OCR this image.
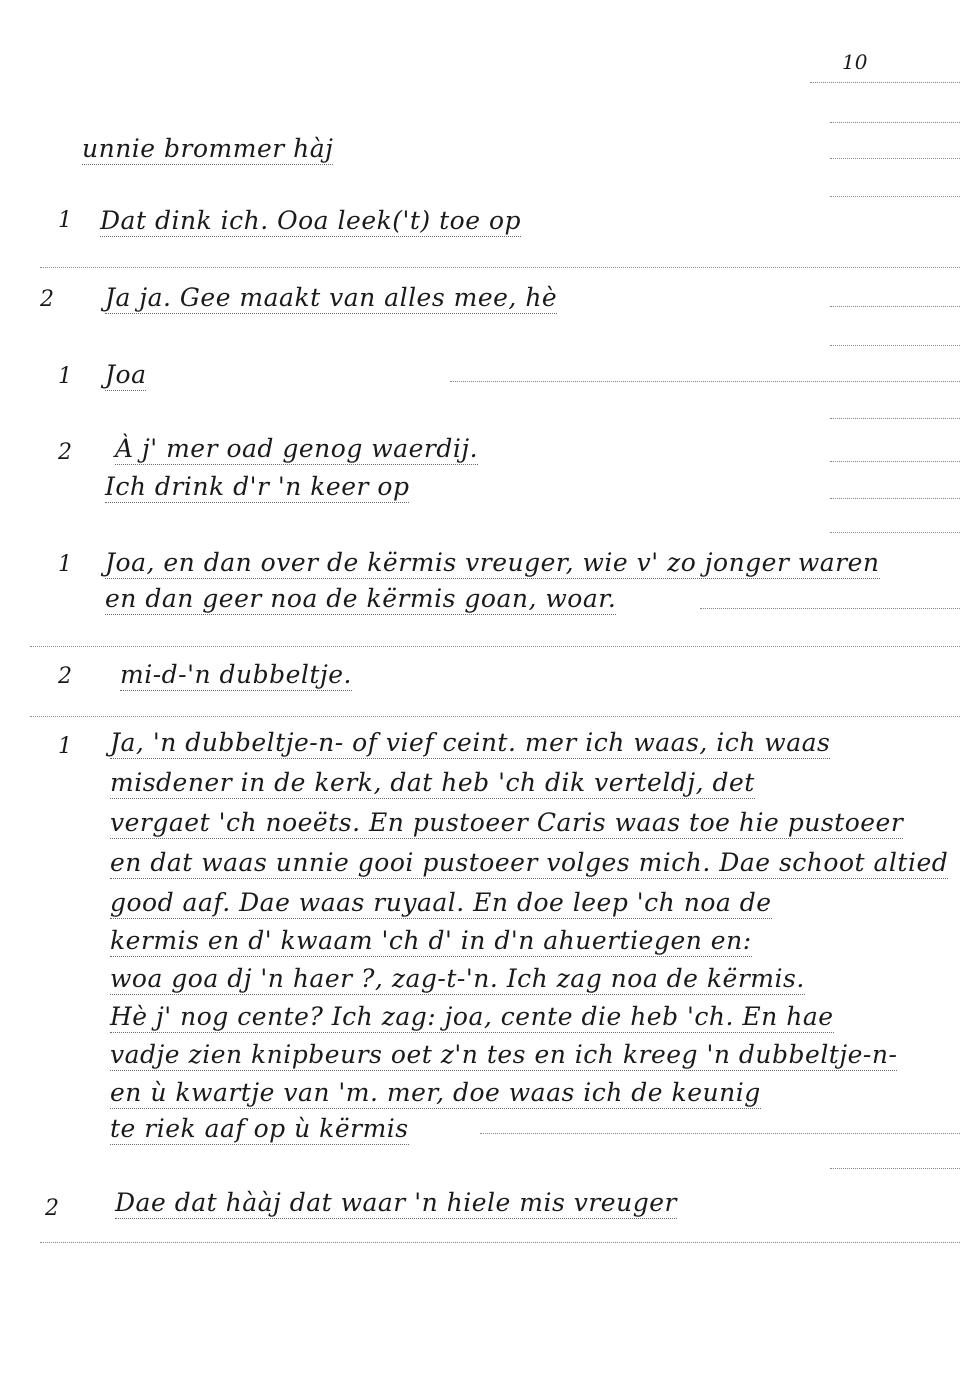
10
unnie brommer hàj
1	Dat dink ich. Ooa leek('t) toe op
2	Ja ja. Gee maakt van alles mee, hè
1	Joa
2	À j' mer oad genog waerdij.
Ich drink d'r 'n keer op
1	Joa, en dan over de kërmis vreuger, wie v' zo jonger waren
en dan geer noa de kërmis goan, woar.
2	mi-d-'n dubbeltje.
1	Ja, 'n dubbeltje-n- of vief ceint. mer ich waas, ich waas
misdener in de kerk, dat heb 'ch dik verteldj, det
vergaet 'ch noeëts. En pustoeer Caris waas toe hie pustoeer
en dat waas unnie gooi pustoeer volges mich. Dae schoot altied
good aaf. Dae waas ruyaal. En doe leep 'ch noa de
kermis en d' kwaam 'ch d' in d'n ahuertiegen en:
woa goa dj 'n haer ?, zag-t-'n. Ich zag noa de kërmis.
Hè j' nog cente? Ich zag: joa, cente die heb 'ch. En hae
vadje zien knipbeurs oet z'n tes en ich kreeg 'n dubbeltje-n-
en ù kwartje van 'm. mer, doe waas ich de keunig
te riek aaf op ù kërmis
2	Dae dat hààj dat waar 'n hiele mis vreuger
